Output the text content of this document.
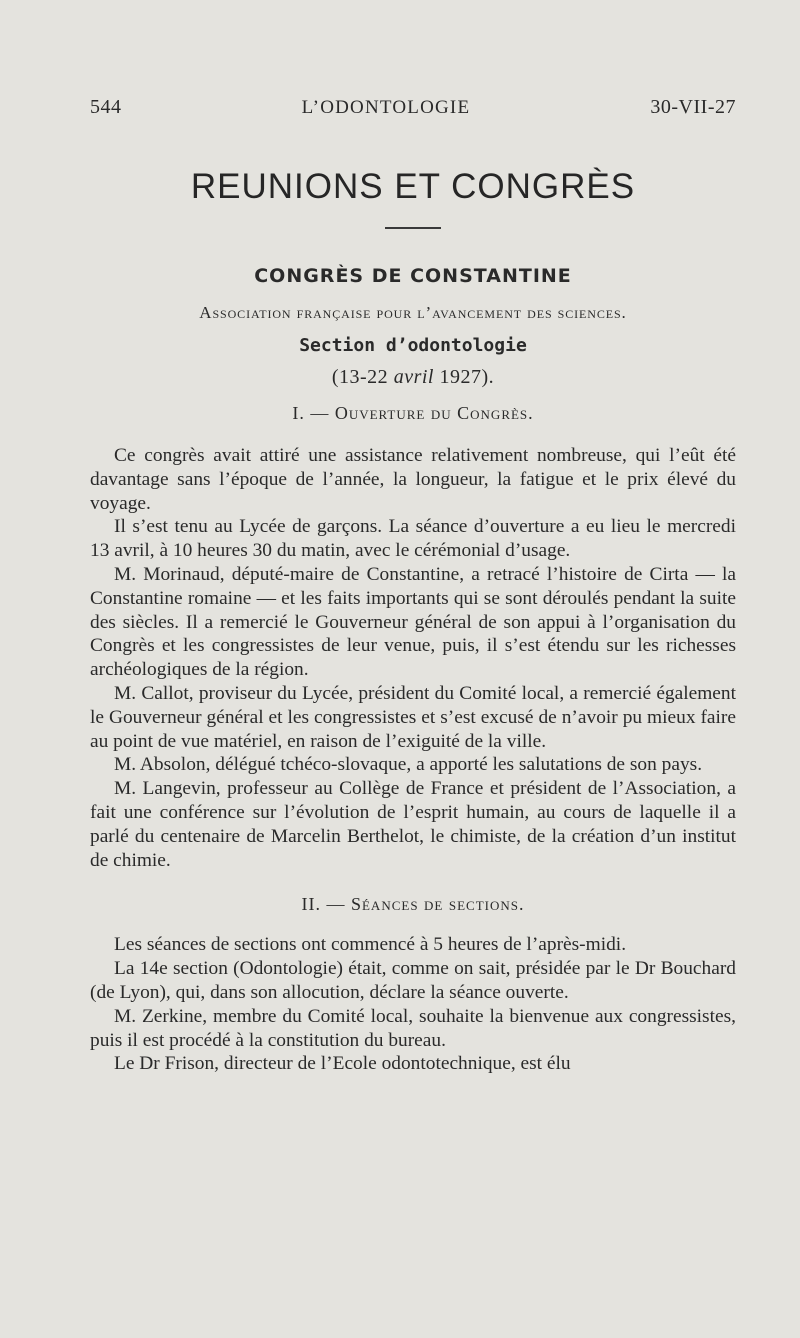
544	L’ODONTOLOGIE	30-VII-27
REUNIONS ET CONGRÈS
CONGRÈS DE CONSTANTINE
Association française pour l’avancement des sciences.
Section d’odontologie
(13-22 avril 1927).
I. — Ouverture du Congrès.

Ce congrès avait attiré une assistance relativement nombreuse, qui l’eût été davantage sans l’époque de l’année, la longueur, la fatigue et le prix élevé du voyage.

Il s’est tenu au Lycée de garçons. La séance d’ouverture a eu lieu le mercredi 13 avril, à 10 heures 30 du matin, avec le cérémonial d’usage.

M. Morinaud, député-maire de Constantine, a retracé l’histoire de Cirta — la Constantine romaine — et les faits importants qui se sont déroulés pendant la suite des siècles. Il a remercié le Gouverneur général de son appui à l’organisation du Congrès et les congressistes de leur venue, puis, il s’est étendu sur les richesses archéologiques de la région.

M. Callot, proviseur du Lycée, président du Comité local, a remercié également le Gouverneur général et les congressistes et s’est excusé de n’avoir pu mieux faire au point de vue matériel, en raison de l’exiguité de la ville.

M. Absolon, délégué tchéco-slovaque, a apporté les salutations de son pays.

M. Langevin, professeur au Collège de France et président de l’Association, a fait une conférence sur l’évolution de l’esprit humain, au cours de laquelle il a parlé du centenaire de Marcelin Berthelot, le chimiste, de la création d’un institut de chimie.

II. — Séances de sections.

Les séances de sections ont commencé à 5 heures de l’après-midi.

La 14e section (Odontologie) était, comme on sait, présidée par le Dr Bouchard (de Lyon), qui, dans son allocution, déclare la séance ouverte.

M. Zerkine, membre du Comité local, souhaite la bienvenue aux congressistes, puis il est procédé à la constitution du bureau.

Le Dr Frison, directeur de l’Ecole odontotechnique, est élu
